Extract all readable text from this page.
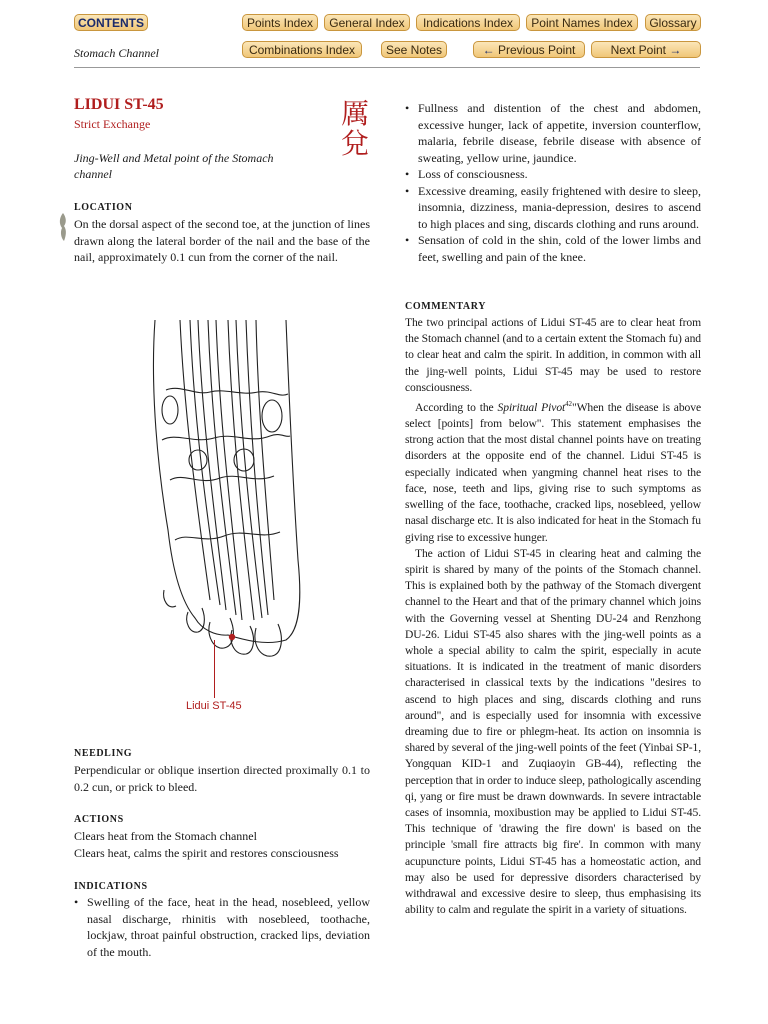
CONTENTS	Points Index	General Index	Indications Index	Point Names Index	Glossary
Combinations Index	See Notes	← Previous Point	Next Point →
Stomach Channel
LIDUI ST-45
Strict Exchange	厲兌
Jing-Well and Metal point of the Stomach channel
LOCATION
On the dorsal aspect of the second toe, at the junction of lines drawn along the lateral border of the nail and the base of the nail, approximately 0.1 cun from the corner of the nail.
Lidui ST-45
NEEDLING
Perpendicular or oblique insertion directed proximally 0.1 to 0.2 cun, or prick to bleed.
ACTIONS
Clears heat from the Stomach channel
Clears heat, calms the spirit and restores consciousness
INDICATIONS
• Swelling of the face, heat in the head, nosebleed, yellow nasal discharge, rhinitis with nosebleed, toothache, lockjaw, throat painful obstruction, cracked lips, deviation of the mouth.
• Fullness and distention of the chest and abdomen, excessive hunger, lack of appetite, inversion counterflow, malaria, febrile disease, febrile disease with absence of sweating, yellow urine, jaundice.
• Loss of consciousness.
• Excessive dreaming, easily frightened with desire to sleep, insomnia, dizziness, mania-depression, desires to ascend to high places and sing, discards clothing and runs around.
• Sensation of cold in the shin, cold of the lower limbs and feet, swelling and pain of the knee.
COMMENTARY

The two principal actions of Lidui ST-45 are to clear heat from the Stomach channel (and to a certain extent the Stomach fu) and to clear heat and calm the spirit. In addition, in common with all the jing-well points, Lidui ST-45 may be used to restore consciousness.

According to the Spiritual Pivot$^{42}$"When the disease is above select [points] from below". This statement emphasises the strong action that the most distal channel points have on treating disorders at the opposite end of the channel. Lidui ST-45 is especially indicated when yangming channel heat rises to the face, nose, teeth and lips, giving rise to such symptoms as swelling of the face, toothache, cracked lips, nosebleed, yellow nasal discharge etc. It is also indicated for heat in the Stomach fu giving rise to excessive hunger.

The action of Lidui ST-45 in clearing heat and calming the spirit is shared by many of the points of the Stomach channel. This is explained both by the pathway of the Stomach divergent channel to the Heart and that of the primary channel which joins with the Governing vessel at Shenting DU-24 and Renzhong DU-26. Lidui ST-45 also shares with the jing-well points as a whole a special ability to calm the spirit, especially in acute situations. It is indicated in the treatment of manic disorders characterised in classical texts by the indications "desires to ascend to high places and sing, discards clothing and runs around", and is especially used for insomnia with excessive dreaming due to fire or phlegm-heat. Its action on insomnia is shared by several of the jing-well points of the feet (Yinbai SP-1, Yongquan KID-1 and Zuqiaoyin GB-44), reflecting the perception that in order to induce sleep, pathologically ascending qi, yang or fire must be drawn downwards. In severe intractable cases of insomnia, moxibustion may be applied to Lidui ST-45. This technique of 'drawing the fire down' is based on the principle 'small fire attracts big fire'. In common with many acupuncture points, Lidui ST-45 has a homeostatic action, and may also be used for depressive disorders characterised by withdrawal and excessive desire to sleep, thus emphasising its ability to calm and regulate the spirit in a variety of situations.
